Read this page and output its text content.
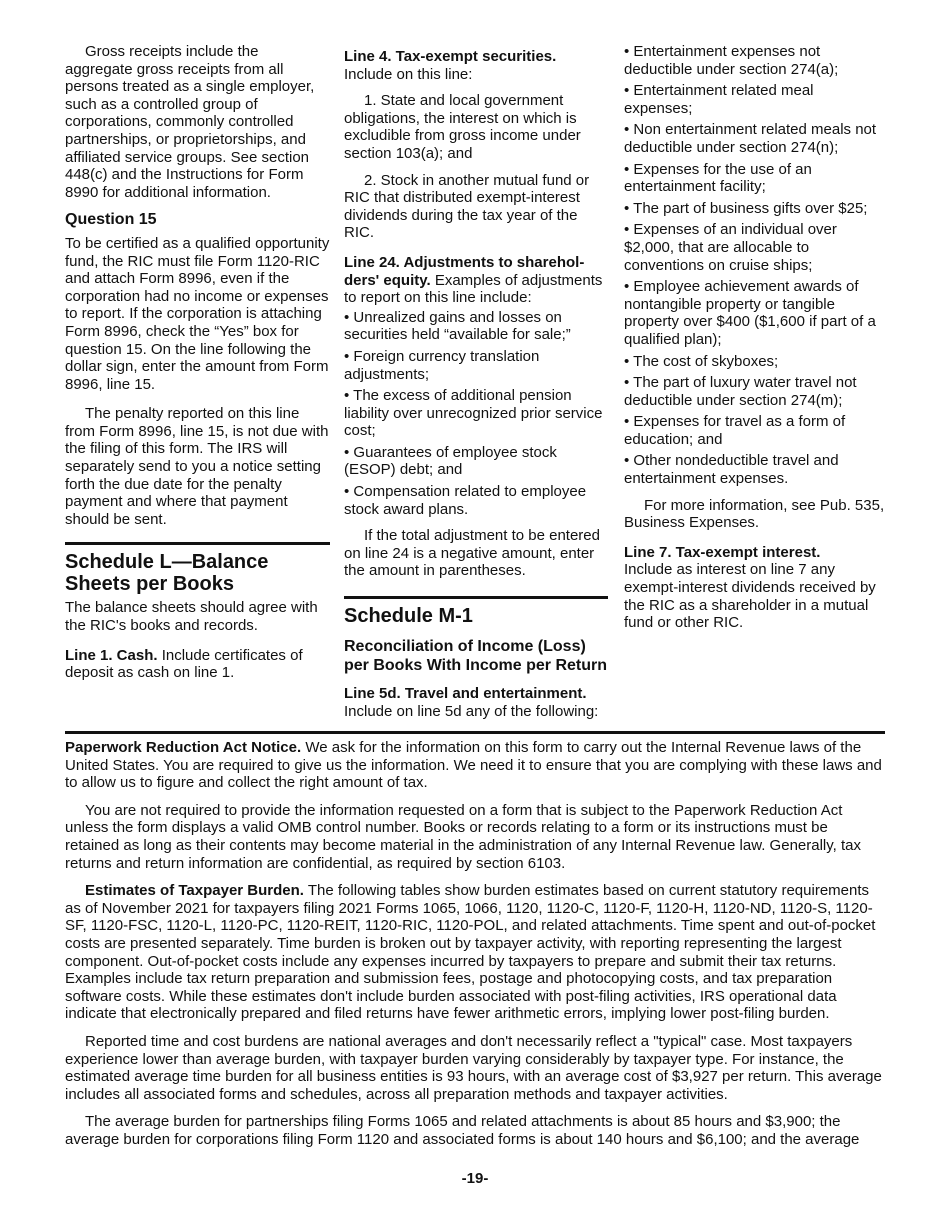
Gross receipts include the aggregate gross receipts from all persons treated as a single employer, such as a controlled group of corporations, commonly controlled partnerships, or proprietorships, and affiliated service groups. See section 448(c) and the Instructions for Form 8990 for additional information.

Question 15

To be certified as a qualified opportunity fund, the RIC must file Form 1120-RIC and attach Form 8996, even if the corporation had no income or expenses to report. If the corporation is attaching Form 8996, check the “Yes” box for question 15. On the line following the dollar sign, enter the amount from Form 8996, line 15.

The penalty reported on this line from Form 8996, line 15, is not due with the filing of this form. The IRS will separately send to you a notice setting forth the due date for the penalty payment and where that payment should be sent.

Schedule L—Balance Sheets per Books

The balance sheets should agree with the RIC's books and records.

Line 1. Cash. Include certificates of deposit as cash on line 1.

Line 4. Tax-exempt securities.

Include on this line:

1. State and local government obligations, the interest on which is excludible from gross income under section 103(a); and

2. Stock in another mutual fund or RIC that distributed exempt-interest dividends during the tax year of the RIC.

Line 24. Adjustments to sharehol-ders' equity. Examples of adjustments to report on this line include:

• Unrealized gains and losses on securities held “available for sale;”

• Foreign currency translation adjustments;

• The excess of additional pension liability over unrecognized prior service cost;

• Guarantees of employee stock (ESOP) debt; and

• Compensation related to employee stock award plans.

If the total adjustment to be entered on line 24 is a negative amount, enter the amount in parentheses.

Schedule M-1
Reconciliation of Income (Loss) per Books With Income per Return
Line 5d. Travel and entertainment.

Include on line 5d any of the following:

• Entertainment expenses not deductible under section 274(a);

• Entertainment related meal expenses;

• Non entertainment related meals not deductible under section 274(n);

• Expenses for the use of an entertainment facility;

• The part of business gifts over $25;

• Expenses of an individual over $2,000, that are allocable to conventions on cruise ships;

• Employee achievement awards of nontangible property or tangible property over $400 ($1,600 if part of a qualified plan);

• The cost of skyboxes;

• The part of luxury water travel not deductible under section 274(m);

• Expenses for travel as a form of education; and

• Other nondeductible travel and entertainment expenses.

For more information, see Pub. 535, Business Expenses.

Line 7. Tax-exempt interest.

Include as interest on line 7 any exempt-interest dividends received by the RIC as a shareholder in a mutual fund or other RIC.

Paperwork Reduction Act Notice. We ask for the information on this form to carry out the Internal Revenue laws of the United States. You are required to give us the information. We need it to ensure that you are complying with these laws and to allow us to figure and collect the right amount of tax.

You are not required to provide the information requested on a form that is subject to the Paperwork Reduction Act unless the form displays a valid OMB control number. Books or records relating to a form or its instructions must be retained as long as their contents may become material in the administration of any Internal Revenue law. Generally, tax returns and return information are confidential, as required by section 6103.

Estimates of Taxpayer Burden. The following tables show burden estimates based on current statutory requirements as of November 2021 for taxpayers filing 2021 Forms 1065, 1066, 1120, 1120-C, 1120-F, 1120-H, 1120-ND, 1120-S, 1120-SF, 1120-FSC, 1120-L, 1120-PC, 1120-REIT, 1120-RIC, 1120-POL, and related attachments. Time spent and out-of-pocket costs are presented separately. Time burden is broken out by taxpayer activity, with reporting representing the largest component. Out-of-pocket costs include any expenses incurred by taxpayers to prepare and submit their tax returns. Examples include tax return preparation and submission fees, postage and photocopying costs, and tax preparation software costs. While these estimates don't include burden associated with post-filing activities, IRS operational data indicate that electronically prepared and filed returns have fewer arithmetic errors, implying lower post-filing burden.

Reported time and cost burdens are national averages and don't necessarily reflect a "typical" case. Most taxpayers experience lower than average burden, with taxpayer burden varying considerably by taxpayer type. For instance, the estimated average time burden for all business entities is 93 hours, with an average cost of $3,927 per return. This average includes all associated forms and schedules, across all preparation methods and taxpayer activities.

The average burden for partnerships filing Forms 1065 and related attachments is about 85 hours and $3,900; the average burden for corporations filing Form 1120 and associated forms is about 140 hours and $6,100; and the average

-19-
